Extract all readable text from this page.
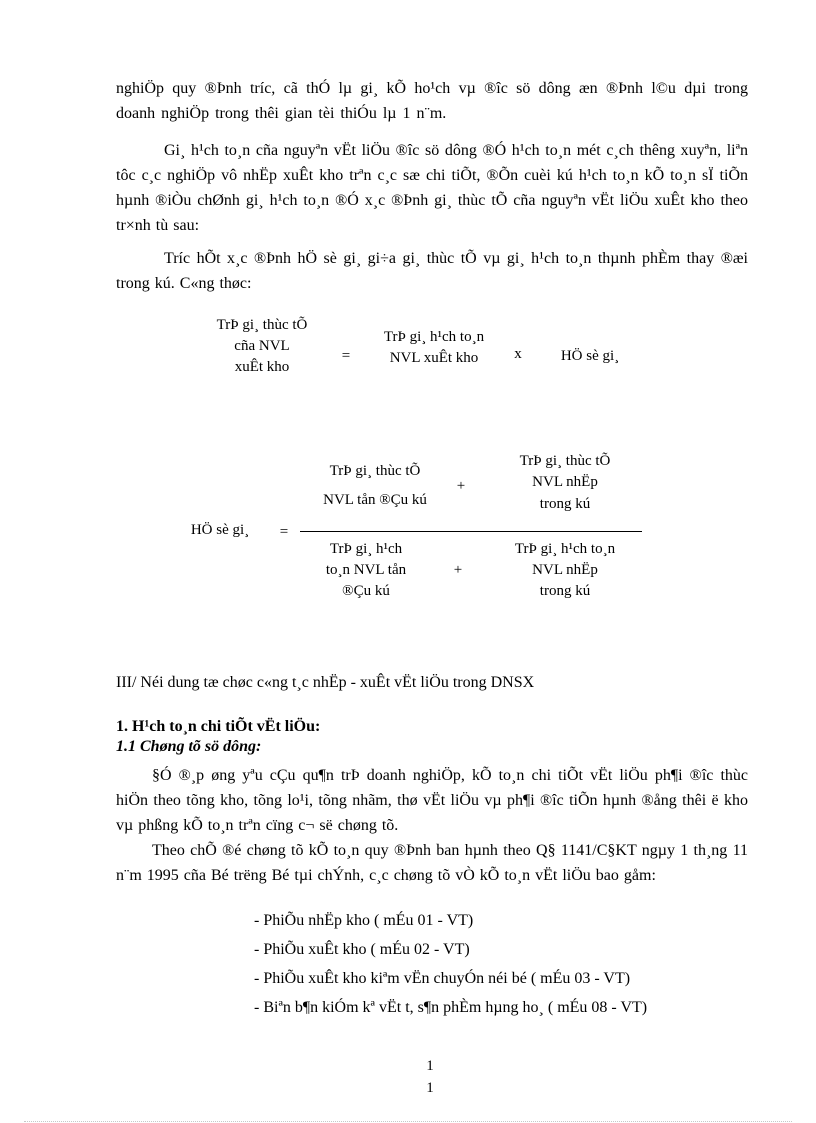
nghiÖp quy ®Þnh tríc, cã thÓ lµ gi¸ kÕ ho¹ch vµ ®îc sö dông æn ®Þnh l©u dµi trong doanh nghiÖp trong thêi gian tèi thiÓu lµ 1 n¨m.

Gi¸ h¹ch to¸n cña nguyªn vËt liÖu ®îc sö dông ®Ó h¹ch to¸n mét c¸ch thêng xuyªn, liªn tôc c¸c nghiÖp vô nhËp xuÊt kho trªn c¸c sæ chi tiÕt, ®Õn cuèi kú h¹ch to¸n kÕ to¸n sÏ tiÕn hµnh ®iÒu chØnh gi¸ h¹ch to¸n ®Ó x¸c ®Þnh gi¸ thùc tÕ cña nguyªn vËt liÖu xuÊt kho theo tr×nh tù sau:

Tríc hÕt x¸c ®Þnh hÖ sè gi¸ gi÷a gi¸ thùc tÕ vµ gi¸ h¹ch to¸n thµnh phÈm thay ®æi trong kú. C«ng thøc:

TrÞ gi¸ thùc tÕ
cña NVL
xuÊt kho
=
TrÞ gi¸ h¹ch to¸n
NVL xuÊt kho	x	HÖ sè gi¸
HÖ sè gi¸	=
TrÞ gi¸ thùc tÕ
NVL tån ®Çu kú
+
TrÞ gi¸ thùc tÕ
NVL nhËp
trong kú
TrÞ gi¸ h¹ch
to¸n NVL tån
®Çu kú
+
TrÞ gi¸ h¹ch to¸n
NVL nhËp
trong kú
III/ Néi dung tæ chøc c«ng t¸c nhËp - xuÊt vËt liÖu trong DNSX
1. H¹ch to¸n chi tiÕt vËt liÖu:
1.1 Chøng tõ sö dông:

§Ó ®¸p øng yªu cÇu qu¶n trÞ doanh nghiÖp, kÕ to¸n chi tiÕt vËt liÖu ph¶i ®îc thùc hiÖn theo tõng kho, tõng lo¹i, tõng nhãm, thø vËt liÖu vµ ph¶i ®îc tiÕn hµnh ®ång thêi ë kho vµ phßng kÕ to¸n trªn cïng c¬ së chøng tõ.

Theo chÕ ®é chøng tõ kÕ to¸n quy ®Þnh ban hµnh theo Q§ 1141/C§KT ngµy 1 th¸ng 11 n¨m 1995 cña Bé trëng Bé tµi chÝnh, c¸c chøng tõ vÒ kÕ to¸n vËt liÖu bao gåm:

- PhiÕu nhËp kho ( mÉu 01 - VT)
- PhiÕu xuÊt kho ( mÉu 02 - VT)
- PhiÕu xuÊt kho kiªm vËn chuyÓn néi bé ( mÉu 03 - VT)
- Biªn b¶n kiÓm kª vËt t, s¶n phÈm hµng ho¸ ( mÉu 08 - VT)
1
1
